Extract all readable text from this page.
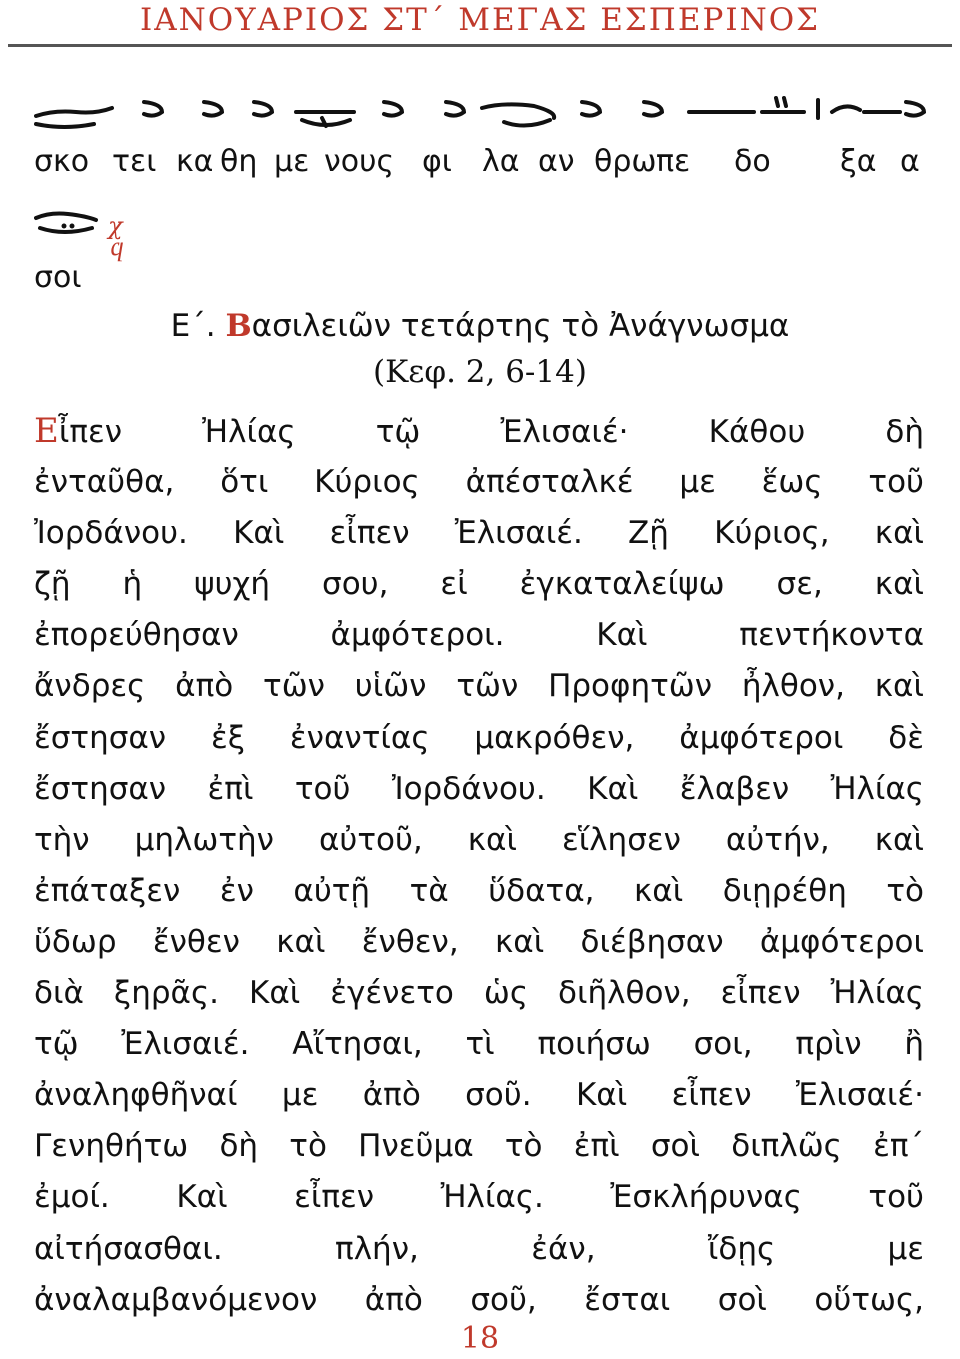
ΙΑΝΟΥΑΡΙΟΣ ΣΤ΄ ΜΕΓΑΣ ΕΣΠΕΡΙΝΟΣ
σκο τει κα θη με νους φι λα αν θρω πε δο ξα α
χ
ϥ
σοι
Ε΄. Βασιλειῶν τετάρτης τὸ Ἀνάγνωσμα
(Κεφ. 2, 6-14)
Εἶπεν Ἠλίας τῷ Ἐλισαιέ· Κάθου δὴ
ἐνταῦθα, ὅτι Κύριος ἀπέσταλκέ με ἕως τοῦ
Ἰορδάνου. Καὶ εἶπεν Ἐλισαιέ. Ζῇ Κύριος, καὶ
ζῇ ἡ ψυχή σου, εἰ ἐγκαταλείψω σε, καὶ
ἐπορεύθησαν ἀμφότεροι. Καὶ πεντήκοντα
ἄνδρες ἀπὸ τῶν υἱῶν τῶν Προφητῶν ἦλθον, καὶ
ἔστησαν ἐξ ἐναντίας μακρόθεν, ἀμφότεροι δὲ
ἔστησαν ἐπὶ τοῦ Ἰορδάνου. Καὶ ἔλαβεν Ἠλίας
τὴν μηλωτὴν αὐτοῦ, καὶ εἵλησεν αὐτήν, καὶ
ἐπάταξεν ἐν αὐτῇ τὰ ὕδατα, καὶ διῃρέθη τὸ
ὕδωρ ἔνθεν καὶ ἔνθεν, καὶ διέβησαν ἀμφότεροι
διὰ ξηρᾶς. Καὶ ἐγένετο ὡς διῆλθον, εἶπεν Ἠλίας
τῷ Ἐλισαιέ. Αἴτησαι, τὶ ποιήσω σοι, πρὶν ἢ
ἀναληφθῆναί με ἀπὸ σοῦ. Καὶ εἶπεν Ἐλισαιέ·
Γενηθήτω δὴ τὸ Πνεῦμα τὸ ἐπὶ σοὶ διπλῶς ἐπ΄
ἐμοί. Καὶ εἶπεν Ἠλίας. Ἐσκλήρυνας τοῦ
αἰτήσασθαι. πλήν, ἐάν, ἴδῃς με
ἀναλαμβανόμενον ἀπὸ σοῦ, ἔσται σοὶ οὕτως,
18
